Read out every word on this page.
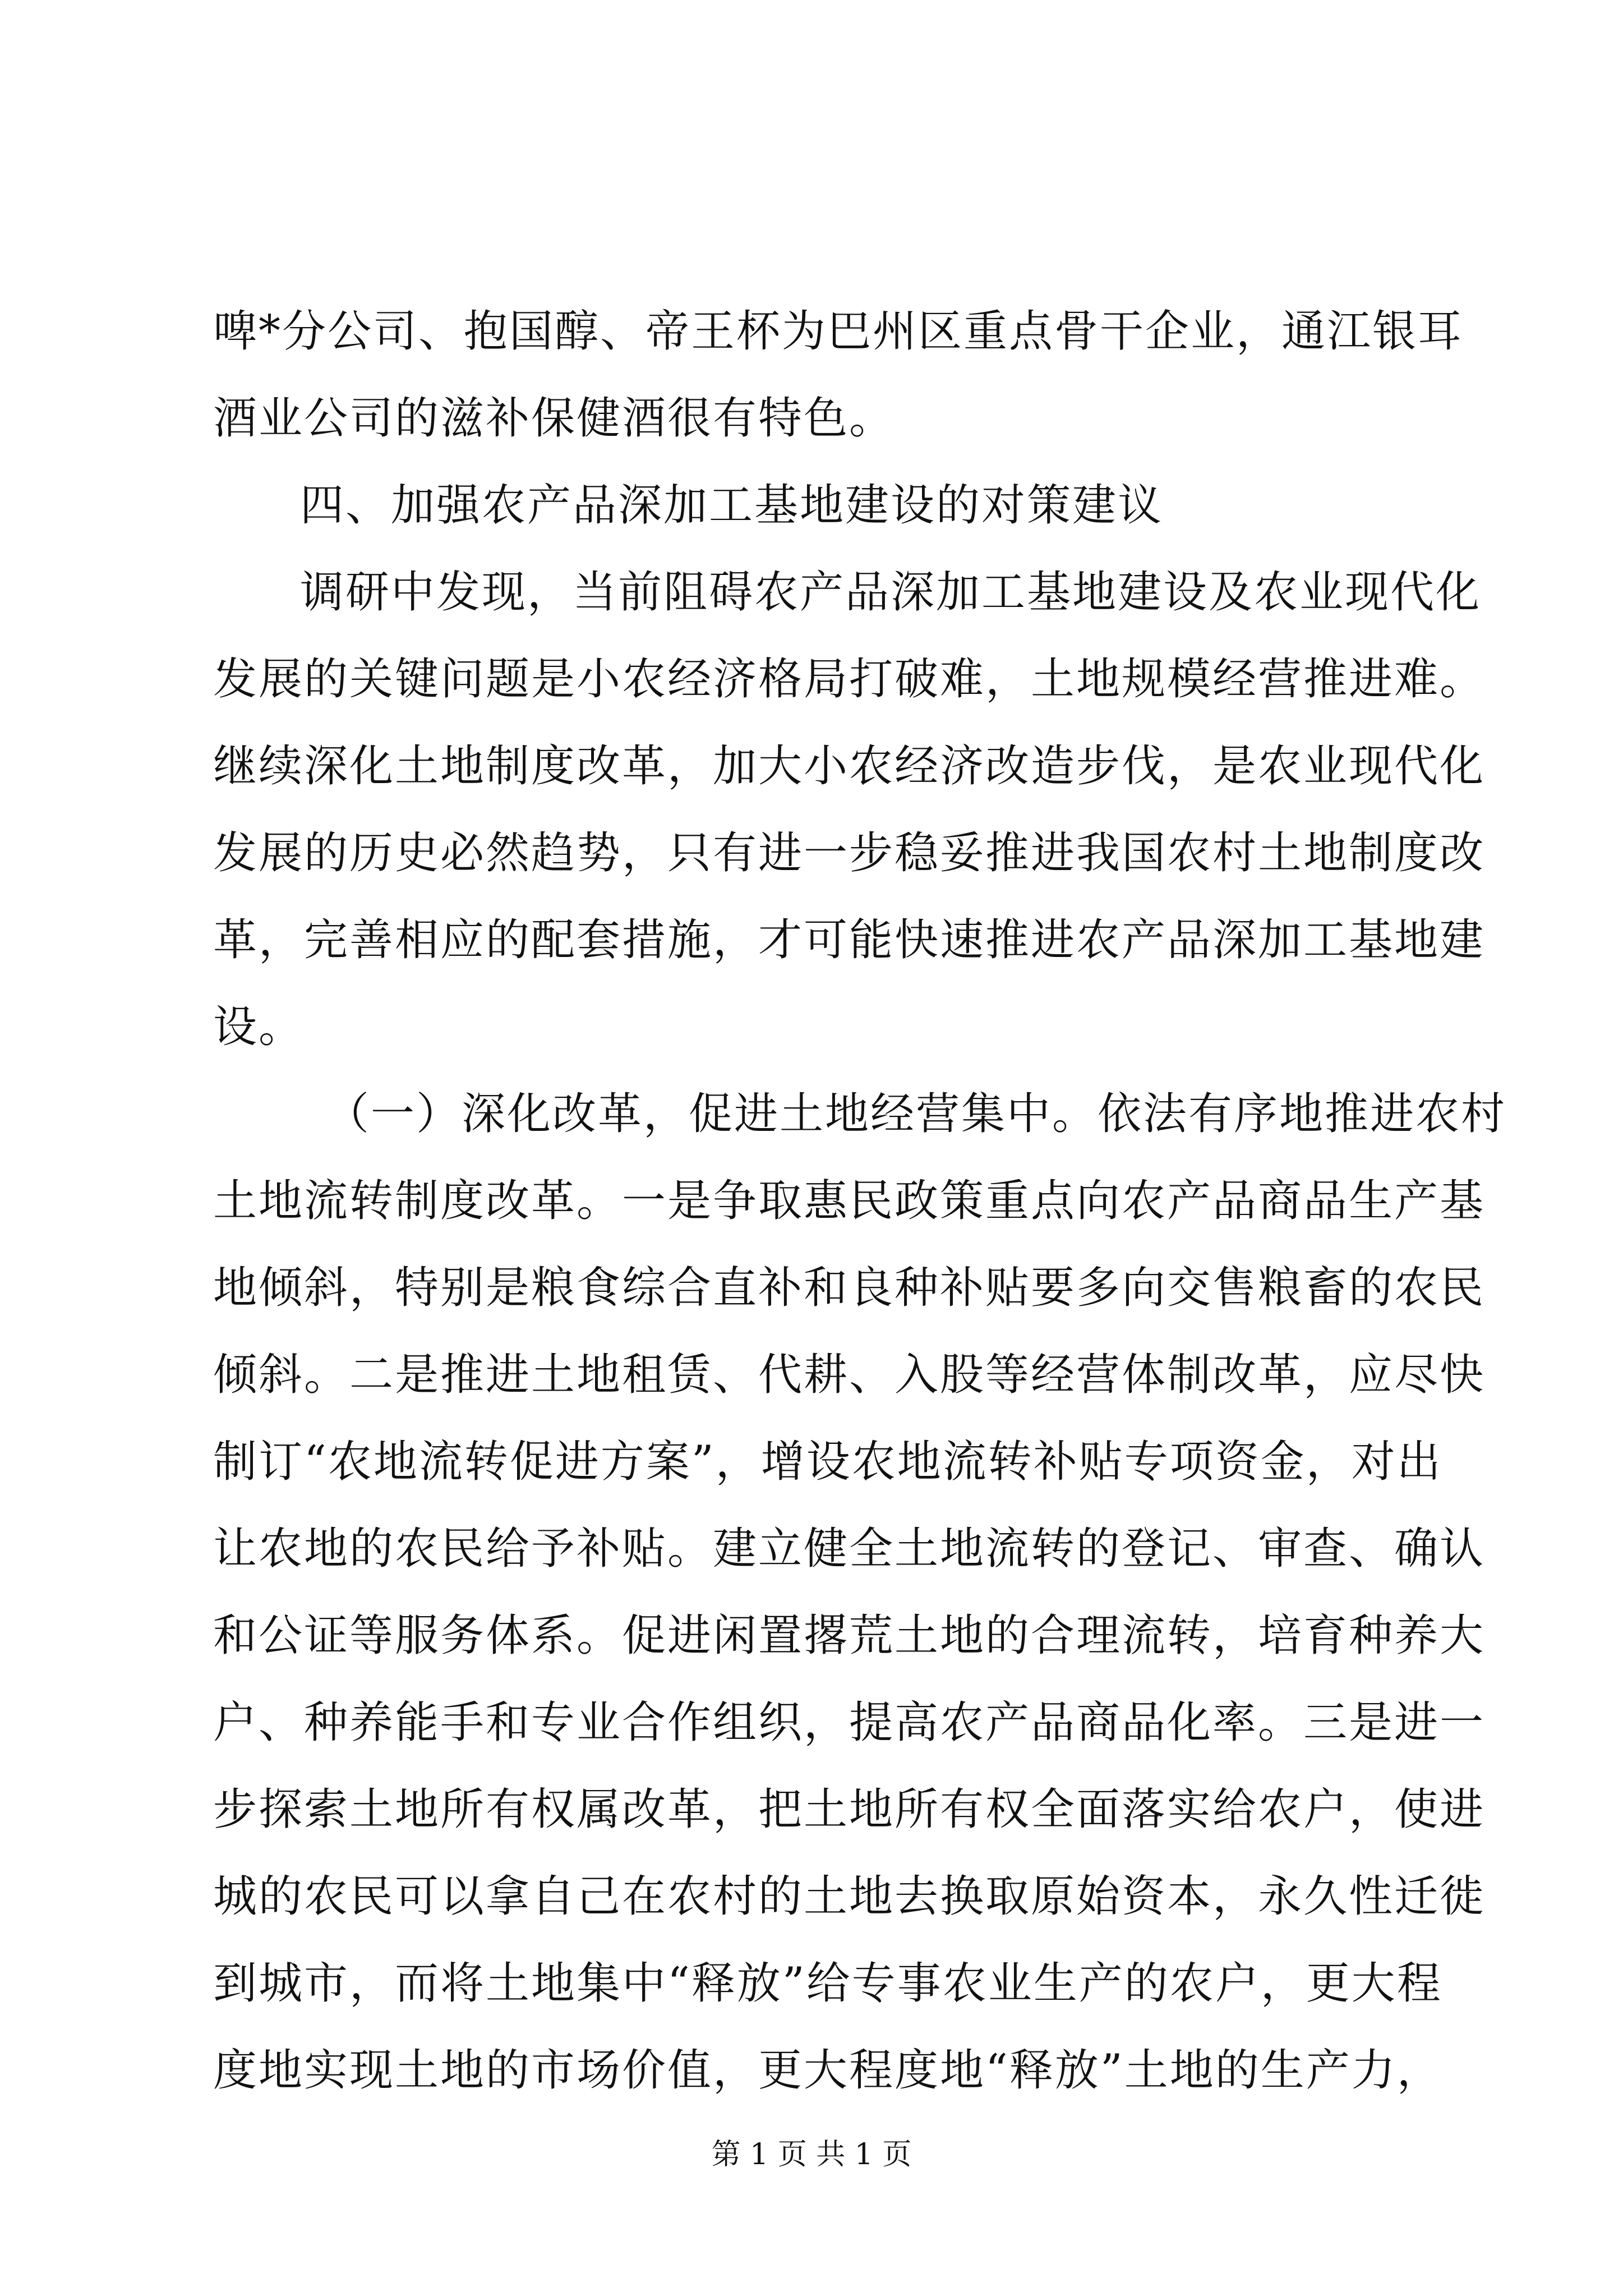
啤*分公司、抱国醇、帝王杯为巴州区重点骨干企业，通江银耳
酒业公司的滋补保健酒很有特色。
四、加强农产品深加工基地建设的对策建议
调研中发现，当前阻碍农产品深加工基地建设及农业现代化
发展的关键问题是小农经济格局打破难，土地规模经营推进难。
继续深化土地制度改革，加大小农经济改造步伐，是农业现代化
发展的历史必然趋势，只有进一步稳妥推进我国农村土地制度改
革，完善相应的配套措施，才可能快速推进农产品深加工基地建
设。
（一）深化改革，促进土地经营集中。依法有序地推进农村
土地流转制度改革。一是争取惠民政策重点向农产品商品生产基
地倾斜，特别是粮食综合直补和良种补贴要多向交售粮畜的农民
倾斜。二是推进土地租赁、代耕、入股等经营体制改革，应尽快
制订“农地流转促进方案”，增设农地流转补贴专项资金，对出
让农地的农民给予补贴。建立健全土地流转的登记、审查、确认
和公证等服务体系。促进闲置撂荒土地的合理流转，培育种养大
户、种养能手和专业合作组织，提高农产品商品化率。三是进一
步探索土地所有权属改革，把土地所有权全面落实给农户，使进
城的农民可以拿自己在农村的土地去换取原始资本，永久性迁徙
到城市，而将土地集中“释放”给专事农业生产的农户，更大程
度地实现土地的市场价值，更大程度地“释放”土地的生产力，
第 1 页 共 1 页
